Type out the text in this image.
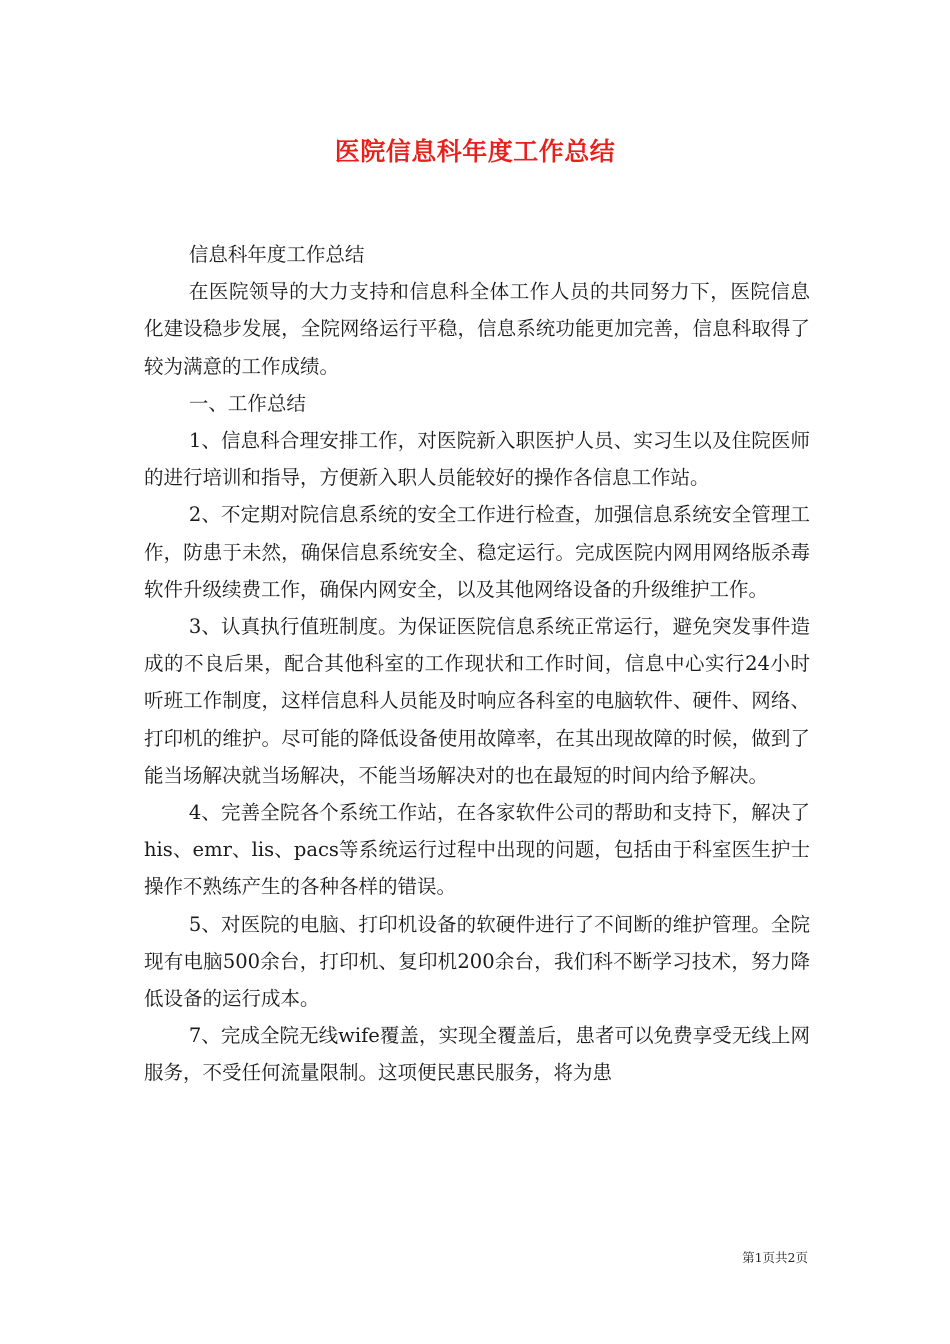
医院信息科年度工作总结

信息科年度工作总结

在医院领导的大力支持和信息科全体工作人员的共同努力下，医院信息化建设稳步发展，全院网络运行平稳，信息系统功能更加完善，信息科取得了较为满意的工作成绩。

一、工作总结

1、信息科合理安排工作，对医院新入职医护人员、实习生以及住院医师的进行培训和指导，方便新入职人员能较好的操作各信息工作站。

2、不定期对院信息系统的安全工作进行检查，加强信息系统安全管理工作，防患于未然，确保信息系统安全、稳定运行。完成医院内网用网络版杀毒软件升级续费工作，确保内网安全，以及其他网络设备的升级维护工作。

3、认真执行值班制度。为保证医院信息系统正常运行，避免突发事件造成的不良后果，配合其他科室的工作现状和工作时间，信息中心实行24小时听班工作制度，这样信息科人员能及时响应各科室的电脑软件、硬件、网络、打印机的维护。尽可能的降低设备使用故障率，在其出现故障的时候，做到了能当场解决就当场解决，不能当场解决对的也在最短的时间内给予解决。

4、完善全院各个系统工作站，在各家软件公司的帮助和支持下，解决了his、emr、lis、pacs等系统运行过程中出现的问题，包括由于科室医生护士操作不熟练产生的各种各样的错误。

5、对医院的电脑、打印机设备的软硬件进行了不间断的维护管理。全院现有电脑500余台，打印机、复印机200余台，我们科不断学习技术，努力降低设备的运行成本。

7、完成全院无线wife覆盖，实现全覆盖后，患者可以免费享受无线上网服务，不受任何流量限制。这项便民惠民服务，将为患

第1页共2页
